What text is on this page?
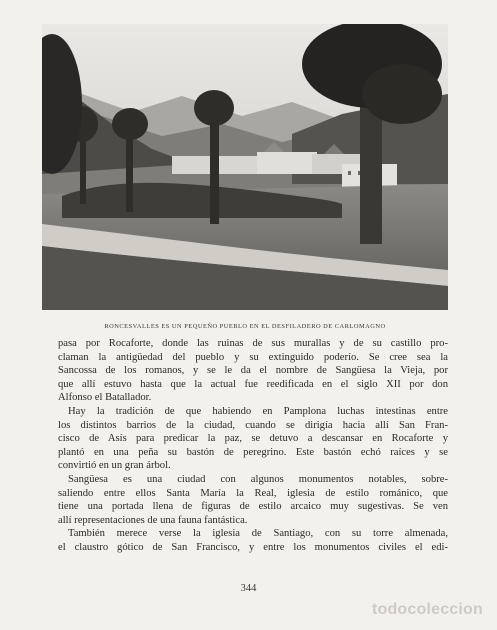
RONCESVALLES ES UN PEQUEÑO PUEBLO EN EL DESFILADERO DE CARLOMAGNO
pasa por Rocaforte, donde las ruinas de sus murallas y de su castillo pro-
claman la antigüedad del pueblo y su extinguido poderío. Se cree sea la
Sancossa de los romanos, y se le da el nombre de Sangüesa la Vieja, por
que allí estuvo hasta que la actual fue reedificada en el siglo XII por don
Alfonso el Batallador.
Hay la tradición de que habiendo en Pamplona luchas intestinas entre
los distintos barrios de la ciudad, cuando se dirigía hacia allí San Fran-
cisco de Asís para predicar la paz, se detuvo a descansar en Rocaforte y
plantó en una peña su bastón de peregrino. Este bastón echó raíces y se
convirtió en un gran árbol.
Sangüesa es una ciudad con algunos monumentos notables, sobre-
saliendo entre ellos Santa María la Real, iglesia de estilo románico, que
tiene una portada llena de figuras de estilo arcaico muy sugestivas. Se ven
allí representaciones de una fauna fantástica.
También merece verse la iglesia de Santiago, con su torre almenada,
el claustro gótico de San Francisco, y entre los monumentos civiles el edi-
344
todocoleccion
